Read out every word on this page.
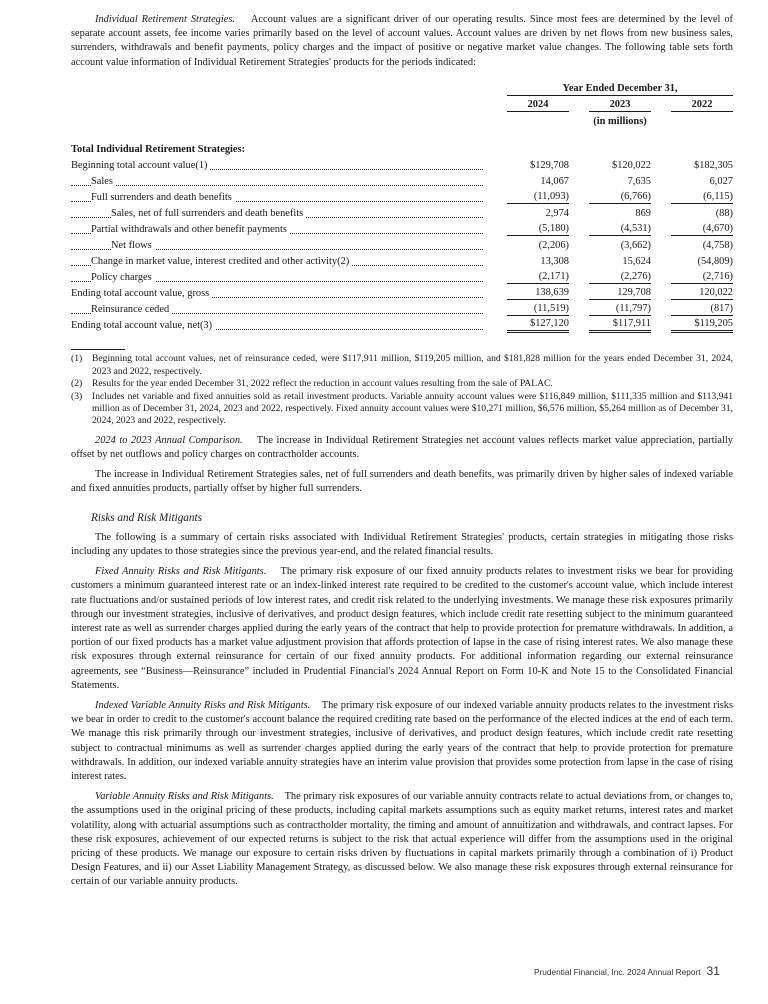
Individual Retirement Strategies. Account values are a significant driver of our operating results. Since most fees are determined by the level of separate account assets, fee income varies primarily based on the level of account values. Account values are driven by net flows from new business sales, surrenders, withdrawals and benefit payments, policy charges and the impact of positive or negative market value changes. The following table sets forth account value information of Individual Retirement Strategies' products for the periods indicated:

		Year Ended December 31,				
		2024		2023		2022
		(in millions)				

Total Individual Retirement Strategies:						
Beginning total account value(1)		$129,708		$120,022		$182,305
Sales		14,067		7,635		6,027
Full surrenders and death benefits		(11,093)		(6,766)		(6,115)
Sales, net of full surrenders and death benefits		2,974		869		(88)
Partial withdrawals and other benefit payments		(5,180)		(4,531)		(4,670)
Net flows		(2,206)		(3,662)		(4,758)
Change in market value, interest credited and other activity(2)		13,308		15,624		(54,809)
Policy charges		(2,171)		(2,276)		(2,716)
Ending total account value, gross		138,639		129,708		120,022
Reinsurance ceded		(11,519)		(11,797)		(817)
Ending total account value, net(3)		$127,120		$117,911		$119,205
(1)	Beginning total account values, net of reinsurance ceded, were $117,911 million, $119,205 million, and $181,828 million for the years ended December 31, 2024, 2023 and 2022, respectively.
(2)	Results for the year ended December 31, 2022 reflect the reduction in account values resulting from the sale of PALAC.
(3)	Includes net variable and fixed annuities sold as retail investment products. Variable annuity account values were $116,849 million, $111,335 million and $113,941 million as of December 31, 2024, 2023 and 2022, respectively. Fixed annuity account values were $10,271 million, $6,576 million, $5,264 million as of December 31, 2024, 2023 and 2022, respectively.

2024 to 2023 Annual Comparison. The increase in Individual Retirement Strategies net account values reflects market value appreciation, partially offset by net outflows and policy charges on contractholder accounts.

The increase in Individual Retirement Strategies sales, net of full surrenders and death benefits, was primarily driven by higher sales of indexed variable and fixed annuities products, partially offset by higher full surrenders.

Risks and Risk Mitigants

The following is a summary of certain risks associated with Individual Retirement Strategies' products, certain strategies in mitigating those risks including any updates to those strategies since the previous year-end, and the related financial results.

Fixed Annuity Risks and Risk Mitigants. The primary risk exposure of our fixed annuity products relates to investment risks we bear for providing customers a minimum guaranteed interest rate or an index-linked interest rate required to be credited to the customer's account value, which include interest rate fluctuations and/or sustained periods of low interest rates, and credit risk related to the underlying investments. We manage these risk exposures primarily through our investment strategies, inclusive of derivatives, and product design features, which include credit rate resetting subject to the minimum guaranteed interest rate as well as surrender charges applied during the early years of the contract that help to provide protection for premature withdrawals. In addition, a portion of our fixed products has a market value adjustment provision that affords protection of lapse in the case of rising interest rates. We also manage these risk exposures through external reinsurance for certain of our fixed annuity products. For additional information regarding our external reinsurance agreements, see “Business—Reinsurance” included in Prudential Financial's 2024 Annual Report on Form 10-K and Note 15 to the Consolidated Financial Statements.

Indexed Variable Annuity Risks and Risk Mitigants. The primary risk exposure of our indexed variable annuity products relates to the investment risks we bear in order to credit to the customer's account balance the required crediting rate based on the performance of the elected indices at the end of each term. We manage this risk primarily through our investment strategies, inclusive of derivatives, and product design features, which include credit rate resetting subject to contractual minimums as well as surrender charges applied during the early years of the contract that help to provide protection for premature withdrawals. In addition, our indexed variable annuity strategies have an interim value provision that provides some protection from lapse in the case of rising interest rates.

Variable Annuity Risks and Risk Mitigants. The primary risk exposures of our variable annuity contracts relate to actual deviations from, or changes to, the assumptions used in the original pricing of these products, including capital markets assumptions such as equity market returns, interest rates and market volatility, along with actuarial assumptions such as contractholder mortality, the timing and amount of annuitization and withdrawals, and contract lapses. For these risk exposures, achievement of our expected returns is subject to the risk that actual experience will differ from the assumptions used in the original pricing of these products. We manage our exposure to certain risks driven by fluctuations in capital markets primarily through a combination of i) Product Design Features, and ii) our Asset Liability Management Strategy, as discussed below. We also manage these risk exposures through external reinsurance for certain of our variable annuity products.

Prudential Financial, Inc. 2024 Annual Report 31
